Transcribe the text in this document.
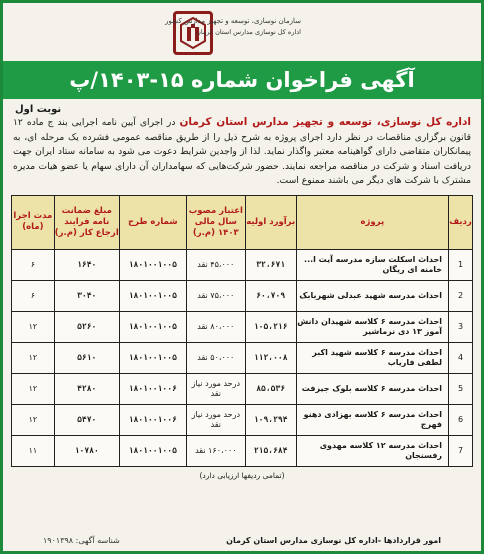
سازمان نوسازی، توسعه و تجهیز مدارس کشور
اداره کل نوسازی مدارس استان کرمان
آگهی فراخوان شماره ۱۵-۱۴۰۳/پ
نوبت اول
اداره کل نوسازی، توسعه و تجهیز مدارس استان کرمان در اجرای آیین نامه اجرایی بند ج ماده ۱۲ قانون برگزاری مناقصات در نظر دارد اجرای پروژه به شرح ذیل را از طریق مناقصه عمومی فشرده یک مرحله ای، به پیمانکاران متقاضی دارای گواهینامه معتبر واگذار نماید. لذا از واجدین شرایط دعوت می شود به سامانه ستاد ایران جهت دریافت اسناد و شرکت در مناقصه مراجعه نمایند. حضور شرکت‌هایی که سهامداران آن دارای سهام یا عضو هیات مدیره مشترک با شرکت های دیگر می باشند ممنوع است.
ردیف	پروژه	برآورد اولیه	اعتبار مصوب سال مالی ۱۴۰۳ (م.ر)	شماره طرح	مبلغ ضمانت نامه فرایند ارجاع کار (م.ر)	مدت اجرا (ماه)
1	احداث اسکلت سازه مدرسه آیت ا... خامنه ای ریگان	۳۲،۶۷۱	۴۵،۰۰۰ نقد	۱۸۰۱۰۰۱۰۰۵	۱۶۴۰	۶
2	احداث مدرسه شهید عبدلی شهربابک	۶۰،۷۰۹	۷۵،۰۰۰ نقد	۱۸۰۱۰۰۱۰۰۵	۳۰۴۰	۶
3	احداث مدرسه ۶ کلاسه شهیدان دانش آموز ۱۳ دی نرماشیر	۱۰۵،۲۱۶	۸۰،۰۰۰ نقد	۱۸۰۱۰۰۱۰۰۵	۵۲۶۰	۱۲
4	احداث مدرسه ۶ کلاسه شهید اکبر لطفی فاریاب	۱۱۲،۰۰۸	۵۰،۰۰۰ نقد	۱۸۰۱۰۰۱۰۰۵	۵۶۱۰	۱۲
5	احداث مدرسه ۶ کلاسه بلوک جیرفت	۸۵،۵۳۶	درحد مورد نیاز نقد	۱۸۰۱۰۰۱۰۰۶	۴۲۸۰	۱۲
6	احداث مدرسه ۶ کلاسه بهزادی دهنو فهرج	۱۰۹،۲۹۴	درحد مورد نیاز نقد	۱۸۰۱۰۰۱۰۰۶	۵۴۷۰	۱۲
7	احداث مدرسه ۱۲ کلاسه مهدوی رفسنجان	۲۱۵،۶۸۴	۱۶۰،۰۰۰ نقد	۱۸۰۱۰۰۱۰۰۵	۱۰۷۸۰	۱۱
(تمامی ردیفها ارزیابی دارد)
امور قراردادها -اداره کل نوسازی مدارس استان کرمان
شناسه آگهی: ۱۹۰۱۳۹۸
